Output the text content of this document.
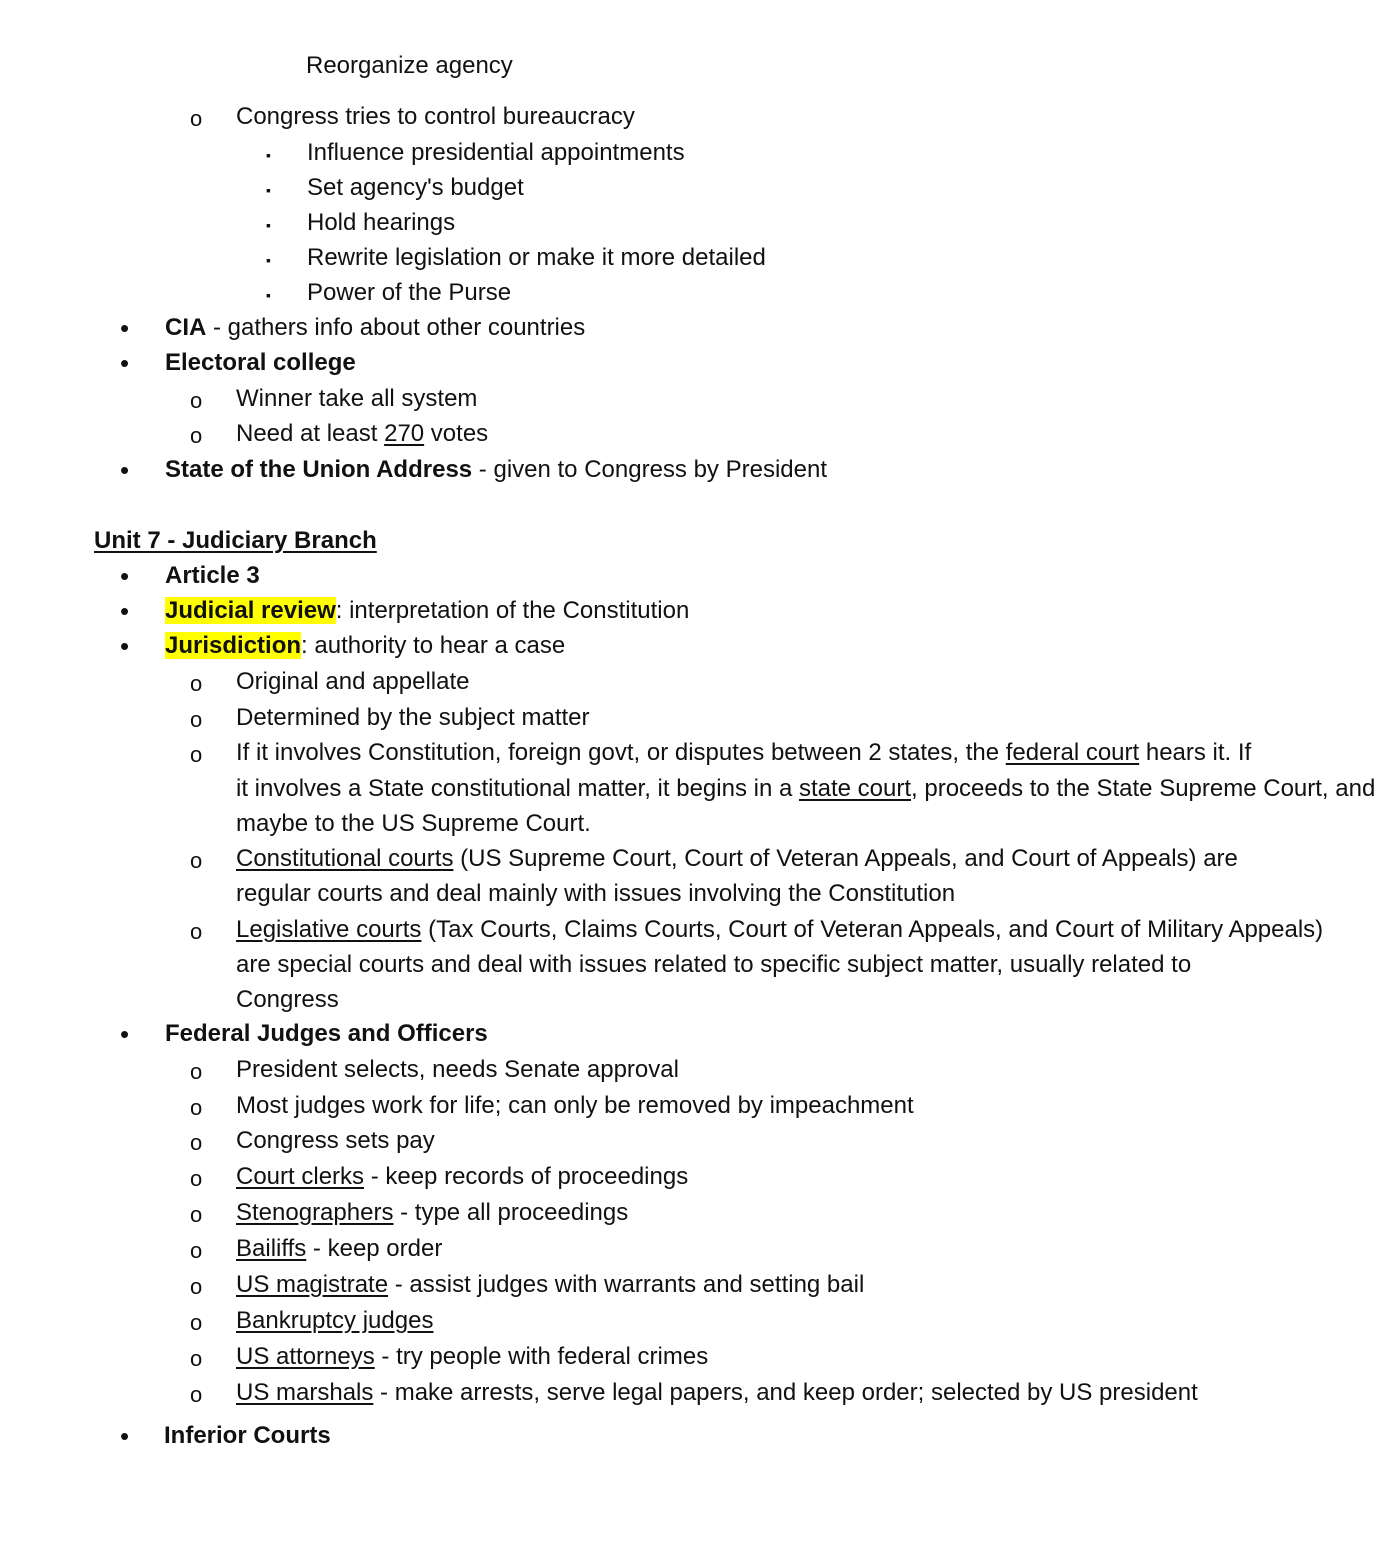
Reorganize agency
o Congress tries to control bureaucracy
▪ Influence presidential appointments
▪ Set agency's budget
▪ Hold hearings
▪ Rewrite legislation or make it more detailed
▪ Power of the Purse
• CIA - gathers info about other countries
• Electoral college
o Winner take all system
o Need at least 270 votes
• State of the Union Address - given to Congress by President
Unit 7 - Judiciary Branch
• Article 3
• Judicial review: interpretation of the Constitution
• Jurisdiction: authority to hear a case
o Original and appellate
o Determined by the subject matter
o If it involves Constitution, foreign govt, or disputes between 2 states, the federal court hears it. If
it involves a State constitutional matter, it begins in a state court, proceeds to the State Supreme Court, and
maybe to the US Supreme Court.
o Constitutional courts (US Supreme Court, Court of Veteran Appeals, and Court of Appeals) are
regular courts and deal mainly with issues involving the Constitution
o Legislative courts (Tax Courts, Claims Courts, Court of Veteran Appeals, and Court of Military Appeals)
are special courts and deal with issues related to specific subject matter, usually related to
Congress
• Federal Judges and Officers
o President selects, needs Senate approval
o Most judges work for life; can only be removed by impeachment
o Congress sets pay
o Court clerks - keep records of proceedings
o Stenographers - type all proceedings
o Bailiffs - keep order
o US magistrate - assist judges with warrants and setting bail
o Bankruptcy judges
o US attorneys - try people with federal crimes
o US marshals - make arrests, serve legal papers, and keep order; selected by US president
• Inferior Courts
